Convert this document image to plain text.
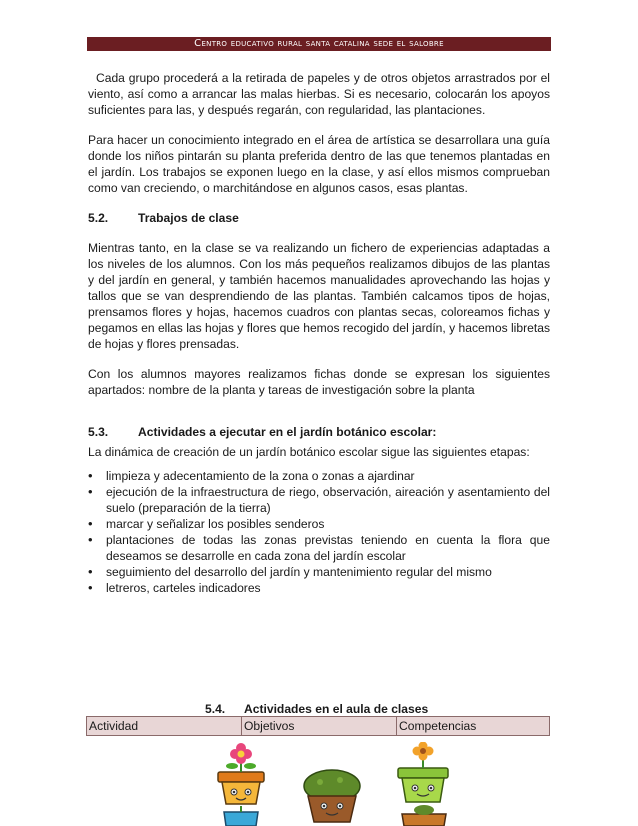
Centro educativo rural santa catalina sede el salobre

Cada grupo procederá a la retirada de papeles y de otros objetos arrastrados por el viento, así como a arrancar las malas hierbas. Si es necesario, colocarán los apoyos suficientes para las, y después regarán, con regularidad, las plantaciones.

Para hacer un conocimiento integrado en el área de artística se desarrollara una guía donde los niños pintarán su planta preferida dentro de las que tenemos plantadas en el jardín. Los trabajos se exponen luego en la clase, y así ellos mismos comprueban como van creciendo, o marchitándose en algunos casos, esas plantas.

5.2.	Trabajos de clase

Mientras tanto, en la clase se va realizando un fichero de experiencias adaptadas a los niveles de los alumnos. Con los más pequeños realizamos dibujos de las plantas y del jardín en general, y también hacemos manualidades aprovechando las hojas y tallos que se van desprendiendo de las plantas. También calcamos tipos de hojas, prensamos flores y hojas, hacemos cuadros con plantas secas, coloreamos fichas y pegamos en ellas las hojas y flores que hemos recogido del jardín, y hacemos libretas de hojas y flores prensadas.

Con los alumnos mayores realizamos fichas donde se expresan los siguientes apartados: nombre de la planta y tareas de investigación sobre la planta

5.3.	Actividades a ejecutar en el jardín botánico escolar:

La dinámica de creación de un jardín botánico escolar sigue las siguientes etapas:

•	limpieza y adecentamiento de la zona o zonas a ajardinar
•	ejecución de la infraestructura de riego, observación, aireación y asentamiento del suelo (preparación de la tierra)
•	marcar y señalizar los posibles senderos
•	plantaciones de todas las zonas previstas teniendo en cuenta la flora que deseamos se desarrolle en cada zona del jardín escolar
•	seguimiento del desarrollo del jardín y mantenimiento regular del mismo
•	letreros, carteles indicadores
5.4.	Actividades en el aula de clases
Actividad	Objetivos	Competencias
